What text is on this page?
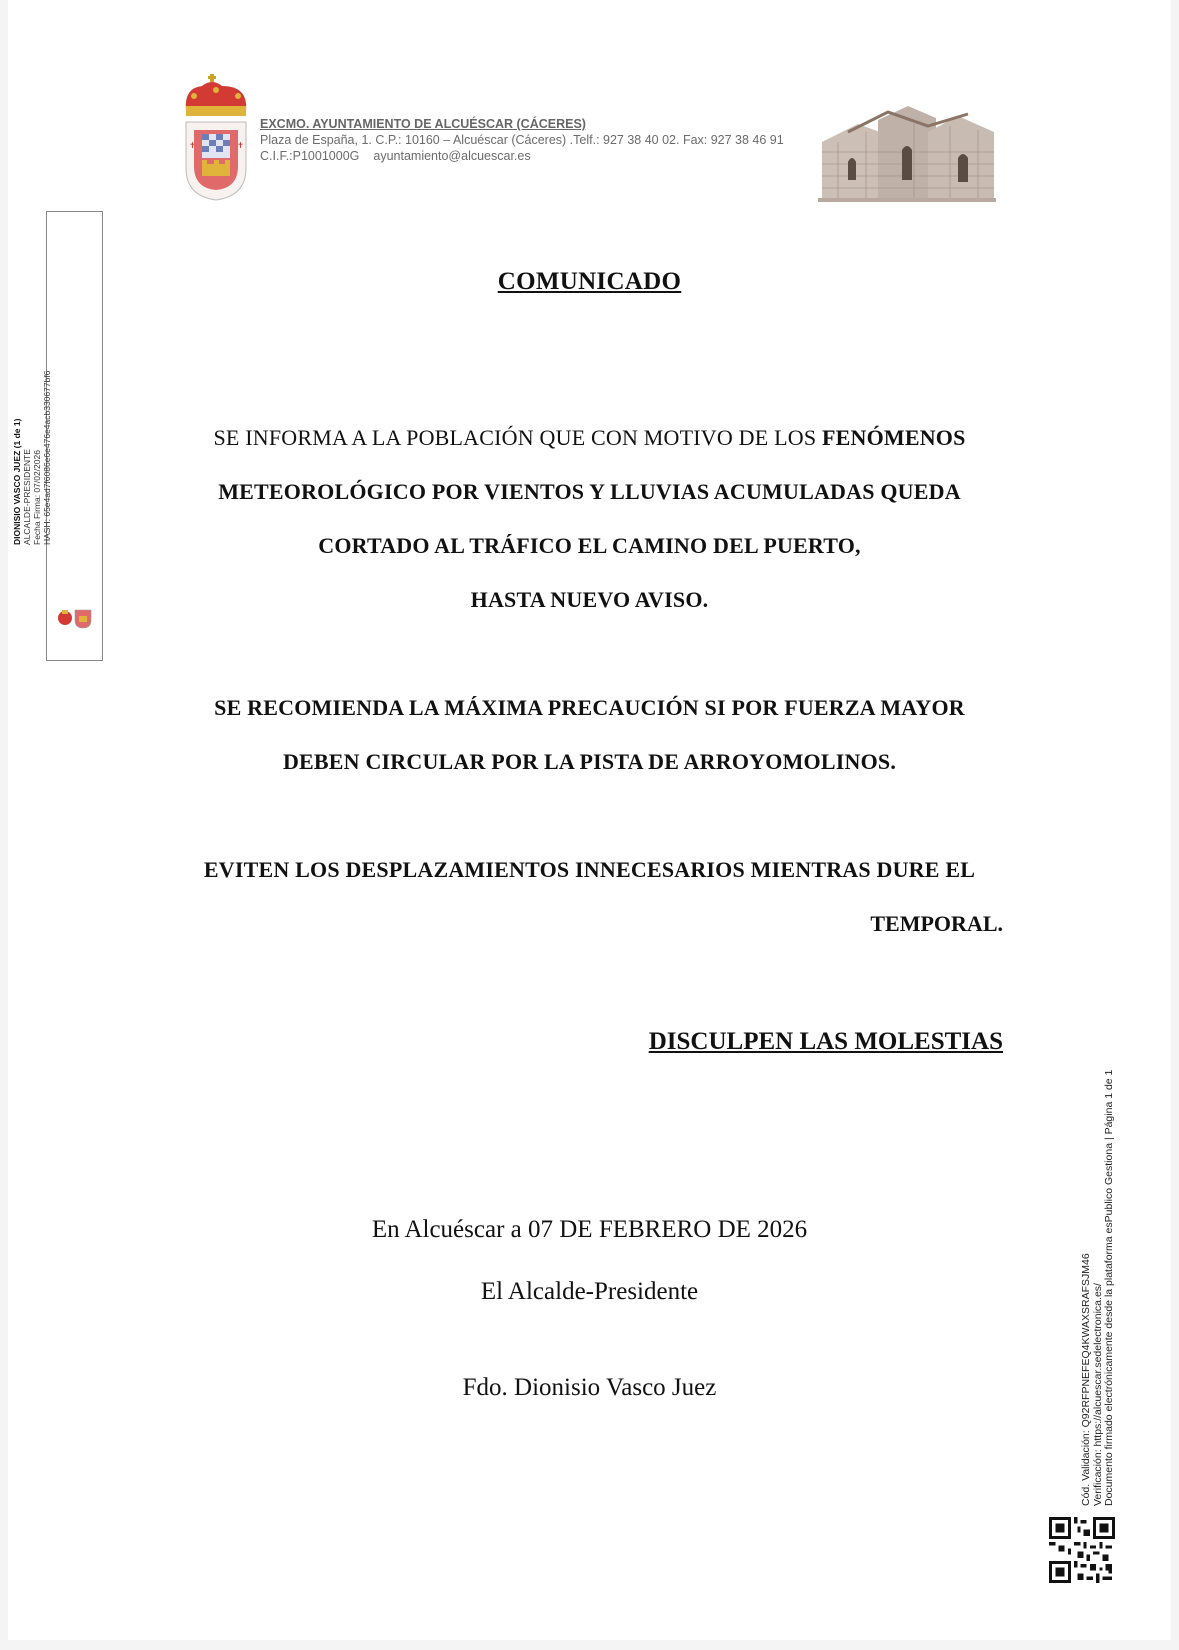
✝	✝
EXCMO. AYUNTAMIENTO DE ALCUÉSCAR (CÁCERES)
Plaza de España, 1. C.P.: 10160 – Alcuéscar (Cáceres) .Telf.: 927 38 40 02. Fax: 927 38 46 91
C.I.F.:P1001000G ayuntamiento@alcuescar.es
DIONISIO VASCO JUEZ (1 de 1) ALCALDE-PRESIDENTE Fecha Firma: 07/02/2026 HASH: 65e4ad7f6086e6e476e4acb330677bf6
COMUNICADO
SE INFORMA A LA POBLACIÓN QUE CON MOTIVO DE LOS FENÓMENOS
METEOROLÓGICO POR VIENTOS Y LLUVIAS ACUMULADAS QUEDA
CORTADO AL TRÁFICO EL CAMINO DEL PUERTO,
HASTA NUEVO AVISO.
SE RECOMIENDA LA MÁXIMA PRECAUCIÓN SI POR FUERZA MAYOR
DEBEN CIRCULAR POR LA PISTA DE ARROYOMOLINOS.
EVITEN LOS DESPLAZAMIENTOS INNECESARIOS MIENTRAS DURE EL
TEMPORAL.
DISCULPEN LAS MOLESTIAS
En Alcuéscar a 07 DE FEBRERO DE 2026
El Alcalde-Presidente
Fdo. Dionisio Vasco Juez	Cód. Validación: Q92RFPNEFEQ4KWAXSRAFSJM46 Verificación: https://alcuescar.sedelectronica.es/ Documento firmado electrónicamente desde la plataforma esPublico Gestiona | Página 1 de 1
